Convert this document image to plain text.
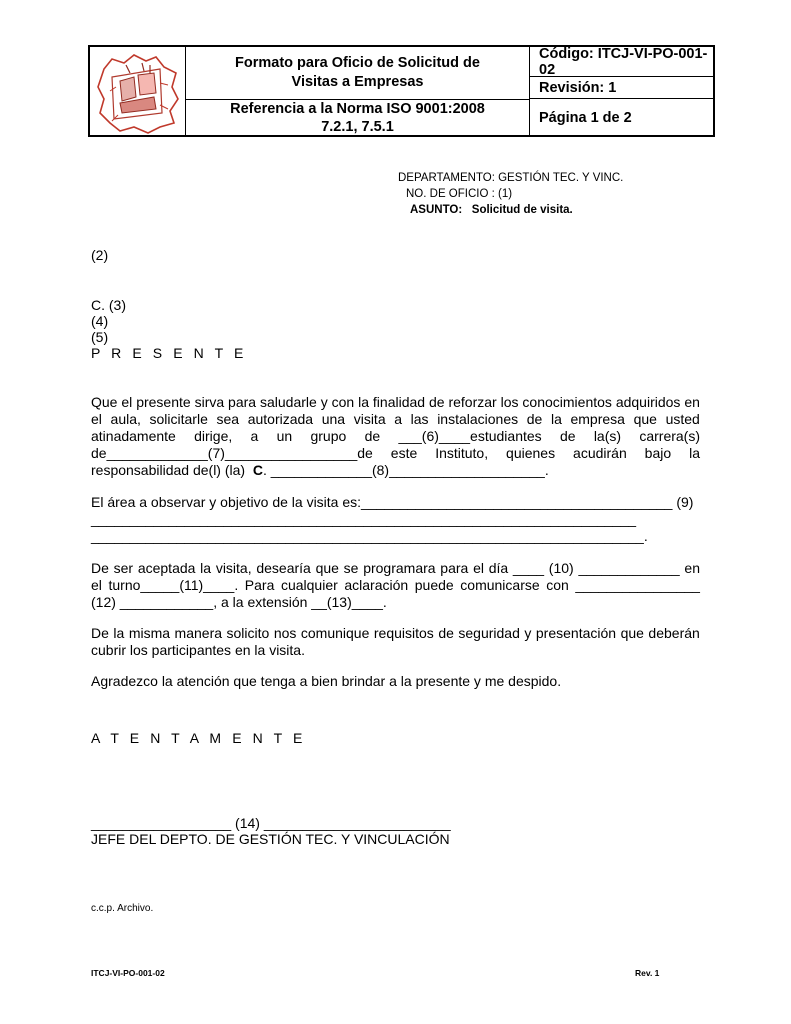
Formato para Oficio de Solicitud de Visitas a Empresas
Referencia a la Norma ISO 9001:2008
7.2.1, 7.5.1
Código: ITCJ-VI-PO-001-02
Revisión: 1
Página 1 de 2
DEPARTAMENTO: GESTIÓN TEC. Y VINC.
NO. DE OFICIO : (1)
ASUNTO: Solicitud de visita.
(2)
C. (3)
(4)
(5)
P R E S E N T E
Que el presente sirva para saludarle y con la finalidad de reforzar los conocimientos adquiridos en
el aula, solicitarle sea autorizada una visita a las instalaciones de la empresa que usted
atinadamente dirige, a un grupo de ___(6)____estudiantes de la(s) carrera(s)
de_____________(7)_________________de este Instituto, quienes acudirán bajo la
responsabilidad de(l) (la)  C. _____________(8)____________________.
El área a observar y objetivo de la visita es:________________________________________ (9)
______________________________________________________________________
_______________________________________________________________________.
De ser aceptada la visita, desearía que se programara para el día ____ (10) _____________ en
el turno_____(11)____. Para cualquier aclaración puede comunicarse con ________________
(12) ____________, a la extensión __(13)____.
De la misma manera solicito nos comunique requisitos de seguridad y presentación que deberán
cubrir los participantes en la visita.
Agradezco la atención que tenga a bien brindar a la presente y me despido.
A T E N T A M E N T E
__________________ (14) ________________________
JEFE DEL DEPTO. DE GESTIÓN TEC. Y VINCULACIÓN
c.c.p. Archivo.
ITCJ-VI-PO-001-02	Rev. 1
